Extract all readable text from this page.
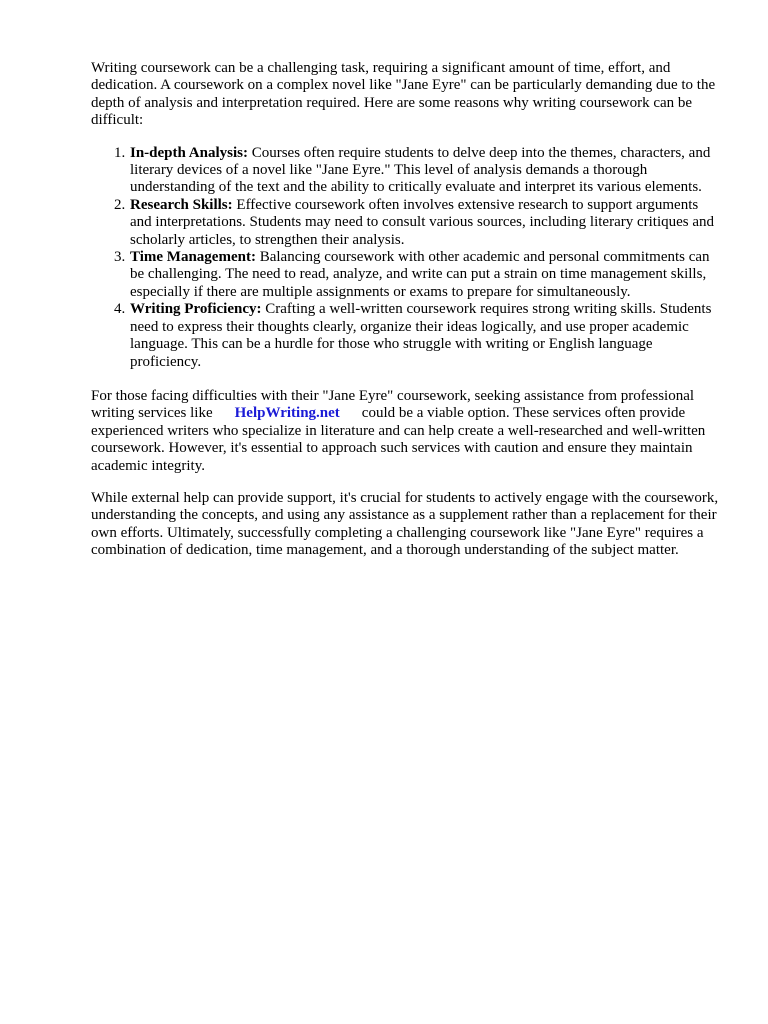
Writing coursework can be a challenging task, requiring a significant amount of time, effort, and dedication. A coursework on a complex novel like "Jane Eyre" can be particularly demanding due to the depth of analysis and interpretation required. Here are some reasons why writing coursework can be difficult:

1. In-depth Analysis: Courses often require students to delve deep into the themes, characters, and literary devices of a novel like "Jane Eyre." This level of analysis demands a thorough understanding of the text and the ability to critically evaluate and interpret its various elements.
2. Research Skills: Effective coursework often involves extensive research to support arguments and interpretations. Students may need to consult various sources, including literary critiques and scholarly articles, to strengthen their analysis.
3. Time Management: Balancing coursework with other academic and personal commitments can be challenging. The need to read, analyze, and write can put a strain on time management skills, especially if there are multiple assignments or exams to prepare for simultaneously.
4. Writing Proficiency: Crafting a well-written coursework requires strong writing skills. Students need to express their thoughts clearly, organize their ideas logically, and use proper academic language. This can be a hurdle for those who struggle with writing or English language proficiency.

For those facing difficulties with their "Jane Eyre" coursework, seeking assistance from professional writing services like HelpWriting.net could be a viable option. These services often provide experienced writers who specialize in literature and can help create a well-researched and well-written coursework. However, it's essential to approach such services with caution and ensure they maintain academic integrity.

While external help can provide support, it's crucial for students to actively engage with the coursework, understanding the concepts, and using any assistance as a supplement rather than a replacement for their own efforts. Ultimately, successfully completing a challenging coursework like "Jane Eyre" requires a combination of dedication, time management, and a thorough understanding of the subject matter.
